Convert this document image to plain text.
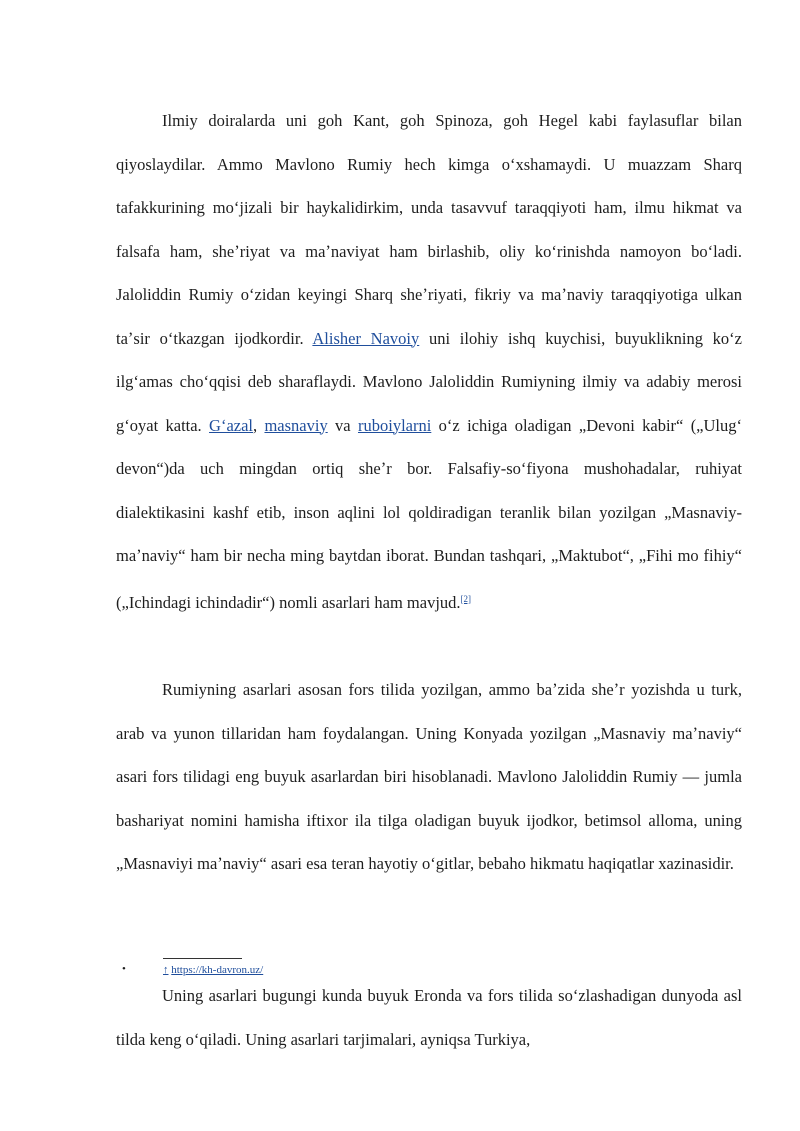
Ilmiy doiralarda uni goh Kant, goh Spinoza, goh Hegel kabi faylasuflar bilan qiyoslaydilar. Ammo Mavlono Rumiy hech kimga oʻxshamaydi. U muazzam Sharq tafakkurining moʻjizali bir haykalidirkim, unda tasavvuf taraqqiyoti ham, ilmu hikmat va falsafa ham, sheʼriyat va maʼnaviyat ham birlashib, oliy koʻrinishda namoyon boʻladi. Jaloliddin Rumiy oʻzidan keyingi Sharq sheʼriyati, fikriy va maʼnaviy taraqqiyotiga ulkan taʼsir oʻtkazgan ijodkordir. Alisher Navoiy uni ilohiy ishq kuychisi, buyuklikning koʻz ilgʻamas choʻqqisi deb sharaflaydi. Mavlono Jaloliddin Rumiyning ilmiy va adabiy merosi gʻoyat katta. Gʻazal, masnaviy va ruboiylarni oʻz ichiga oladigan „Devoni kabir“ („Ulugʻ devon“)da uch mingdan ortiq sheʼr bor. Falsafiy-soʻfiyona mushohadalar, ruhiyat dialektikasini kashf etib, inson aqlini lol qoldiradigan teranlik bilan yozilgan „Masnaviy-maʼnaviy“ ham bir necha ming baytdan iborat. Bundan tashqari, „Maktubot“, „Fihi mo fihiy“ („Ichindagi ichindadir“) nomli asarlari ham mavjud.[2]

Rumiyning asarlari asosan fors tilida yozilgan, ammo baʼzida sheʼr yozishda u turk, arab va yunon tillaridan ham foydalangan. Uning Konyada yozilgan „Masnaviy maʼnaviy“ asari fors tilidagi eng buyuk asarlardan biri hisoblanadi. Mavlono Jaloliddin Rumiy — jumla bashariyat nomini hamisha iftixor ila tilga oladigan buyuk ijodkor, betimsol alloma, uning „Masnaviyi maʼnaviy“ asari esa teran hayotiy oʻgitlar, bebaho hikmatu haqiqatlar xazinasidir.

•	↑ https://kh-davron.uz/

Uning asarlari bugungi kunda buyuk Eronda va fors tilida soʻzlashadigan dunyoda asl tilda keng oʻqiladi. Uning asarlari tarjimalari, ayniqsa Turkiya,
